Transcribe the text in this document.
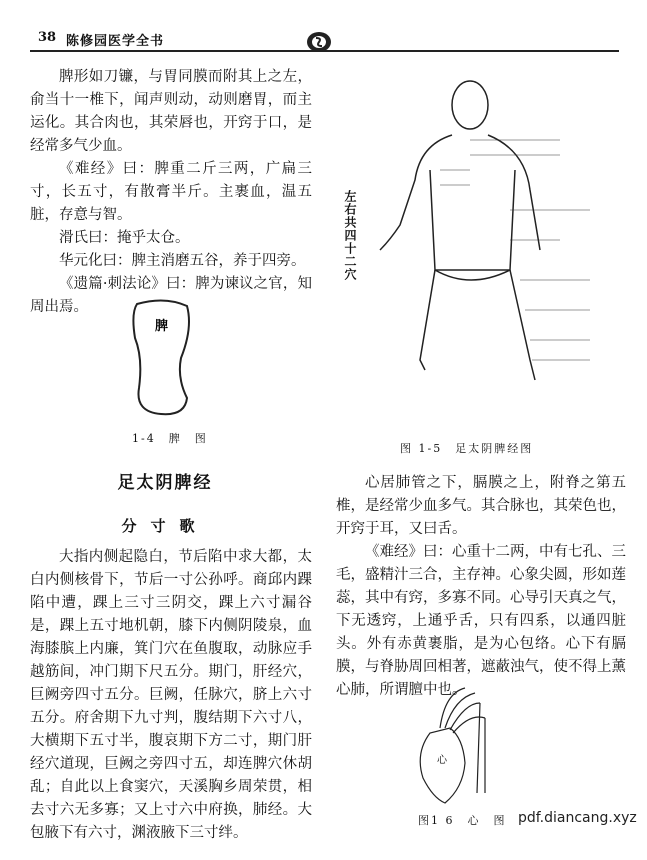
38 陈修园医学全书

脾形如刀镰，与胃同膜而附其上之左，俞当十一椎下，闻声则动，动则磨胃，而主运化。其合肉也，其荣唇也，开窍于口，是经常多气少血。

《难经》曰：脾重二斤三两，广扁三寸，长五寸，有散膏半斤。主裹血，温五脏，存意与智。

滑氏曰：掩乎太仓。

华元化曰：脾主消磨五谷，养于四旁。

《遗篇·刺法论》曰：脾为谏议之官，知周出焉。

脾
1-4　脾　图
足太阴脾经
分寸歌

大指内侧起隐白，节后陷中求大都，太白内侧核骨下，节后一寸公孙呼。商邱内踝陷中遭，踝上三寸三阴交，踝上六寸漏谷是，踝上五寸地机朝，膝下内侧阴陵泉，血海膝膑上内廉，箕门穴在鱼腹取，动脉应手越筋间，冲门期下尺五分。期门，肝经穴，巨阙旁四寸五分。巨阙，任脉穴，脐上六寸五分。府舍期下九寸判，腹结期下六寸八，大横期下五寸半，腹哀期下方二寸，期门肝经穴道现，巨阙之旁四寸五，却连脾穴休胡乱；自此以上食窦穴，天溪胸乡周荣贯，相去寸六无多寡；又上寸六中府换，肺经。大包腋下有六寸，渊液腋下三寸绊。

左右共四十二穴
图 1-5　足太阴脾经图

心居肺管之下，膈膜之上，附脊之第五椎，是经常少血多气。其合脉也，其荣色也，开窍于耳，又曰舌。

《难经》曰：心重十二两，中有七孔、三毛，盛精汁三合，主存神。心象尖圆，形如莲蕊，其中有窍，多寡不同。心导引天真之气，下无透窍，上通乎舌，只有四系，以通四脏头。外有赤黄裹脂，是为心包络。心下有膈膜，与脊胁周回相著，遮蔽浊气，使不得上薰心肺，所谓膻中也。

心
图1 6　心　图 pdf.diancang.xyz
